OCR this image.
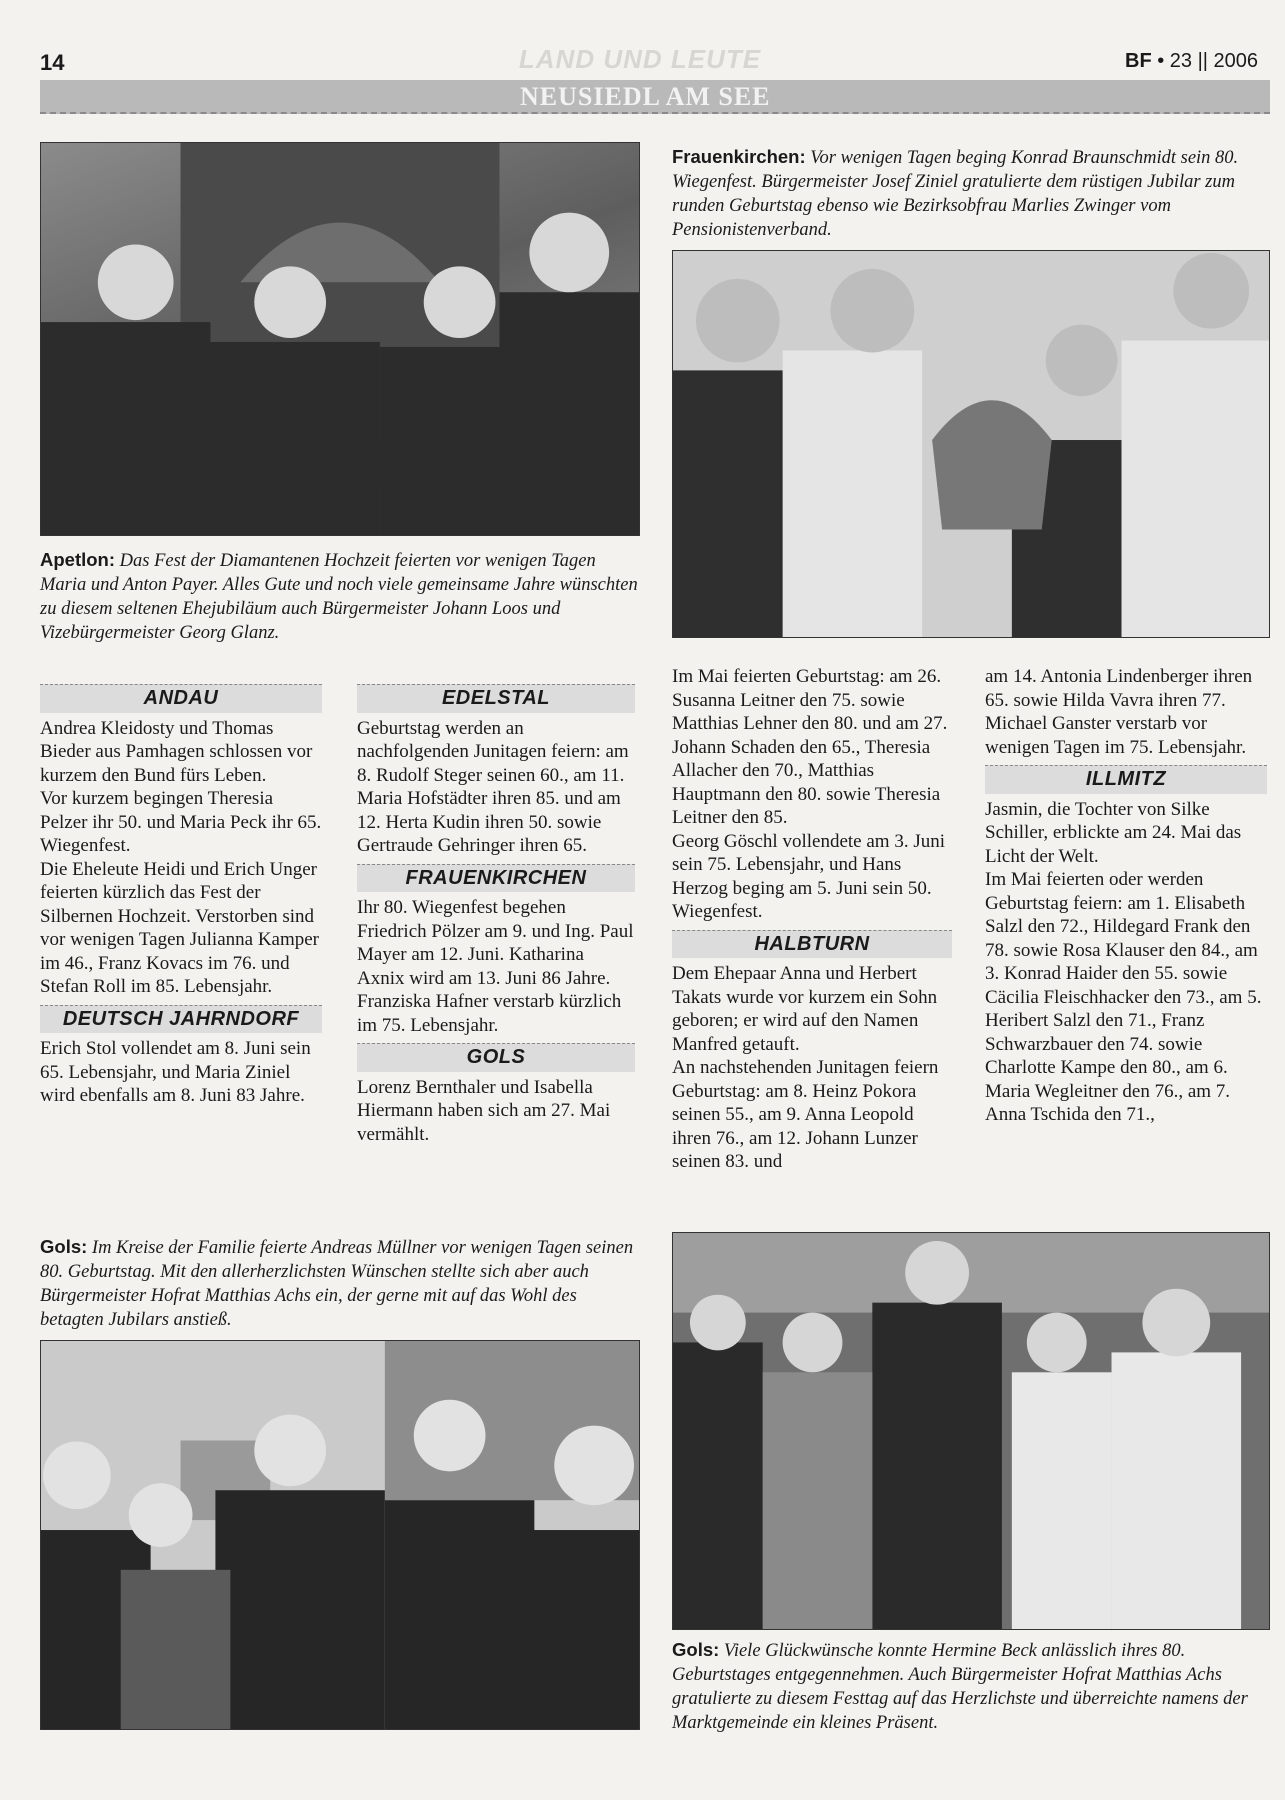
14	LAND UND LEUTE	BF • 23 || 2006
NEUSIEDL AM SEE
Apetlon: Das Fest der Diamantenen Hochzeit feierten vor wenigen Tagen Maria und Anton Payer. Alles Gute und noch viele gemeinsame Jahre wünschten zu diesem seltenen Ehejubiläum auch Bürgermeister Johann Loos und Vizebürgermeister Georg Glanz.
Frauenkirchen: Vor wenigen Tagen beging Konrad Braunschmidt sein 80. Wiegenfest. Bürgermeister Josef Ziniel gratulierte dem rüstigen Jubilar zum runden Geburtstag ebenso wie Bezirksobfrau Marlies Zwinger vom Pensionistenverband.
ANDAU

Andrea Kleidosty und Thomas Bieder aus Pamhagen schlossen vor kurzem den Bund fürs Leben.

Vor kurzem begingen Theresia Pelzer ihr 50. und Maria Peck ihr 65. Wiegenfest.

Die Eheleute Heidi und Erich Unger feierten kürzlich das Fest der Silbernen Hochzeit. Verstorben sind vor wenigen Tagen Julianna Kamper im 46., Franz Kovacs im 76. und Stefan Roll im 85. Lebensjahr.

DEUTSCH JAHRNDORF

Erich Stol vollendet am 8. Juni sein 65. Lebensjahr, und Maria Ziniel wird ebenfalls am 8. Juni 83 Jahre.

EDELSTAL

Geburtstag werden an nachfolgenden Junitagen feiern: am 8. Rudolf Steger seinen 60., am 11. Maria Hofstädter ihren 85. und am 12. Herta Kudin ihren 50. sowie Gertraude Gehringer ihren 65.

FRAUENKIRCHEN

Ihr 80. Wiegenfest begehen Friedrich Pölzer am 9. und Ing. Paul Mayer am 12. Juni. Katharina Axnix wird am 13. Juni 86 Jahre.

Franziska Hafner verstarb kürzlich im 75. Lebensjahr.

GOLS

Lorenz Bernthaler und Isabella Hiermann haben sich am 27. Mai vermählt.

Im Mai feierten Geburtstag: am 26. Susanna Leitner den 75. sowie Matthias Lehner den 80. und am 27. Johann Schaden den 65., Theresia Allacher den 70., Matthias Hauptmann den 80. sowie Theresia Leitner den 85.

Georg Göschl vollendete am 3. Juni sein 75. Lebensjahr, und Hans Herzog beging am 5. Juni sein 50. Wiegenfest.

HALBTURN

Dem Ehepaar Anna und Herbert Takats wurde vor kurzem ein Sohn geboren; er wird auf den Namen Manfred getauft.

An nachstehenden Junitagen feiern Geburtstag: am 8. Heinz Pokora seinen 55., am 9. Anna Leopold ihren 76., am 12. Johann Lunzer seinen 83. und

am 14. Antonia Lindenberger ihren 65. sowie Hilda Vavra ihren 77.

Michael Ganster verstarb vor wenigen Tagen im 75. Lebensjahr.

ILLMITZ

Jasmin, die Tochter von Silke Schiller, erblickte am 24. Mai das Licht der Welt.

Im Mai feierten oder werden Geburtstag feiern: am 1. Elisabeth Salzl den 72., Hildegard Frank den 78. sowie Rosa Klauser den 84., am 3. Konrad Haider den 55. sowie Cäcilia Fleischhacker den 73., am 5. Heribert Salzl den 71., Franz Schwarzbauer den 74. sowie Charlotte Kampe den 80., am 6. Maria Wegleitner den 76., am 7. Anna Tschida den 71.,

Gols: Im Kreise der Familie feierte Andreas Müllner vor wenigen Tagen seinen 80. Geburtstag. Mit den allerherzlichsten Wünschen stellte sich aber auch Bürgermeister Hofrat Matthias Achs ein, der gerne mit auf das Wohl des betagten Jubilars anstieß.
Gols: Viele Glückwünsche konnte Hermine Beck anlässlich ihres 80. Geburtstages entgegennehmen. Auch Bürgermeister Hofrat Matthias Achs gratulierte zu diesem Festtag auf das Herzlichste und überreichte namens der Marktgemeinde ein kleines Präsent.
